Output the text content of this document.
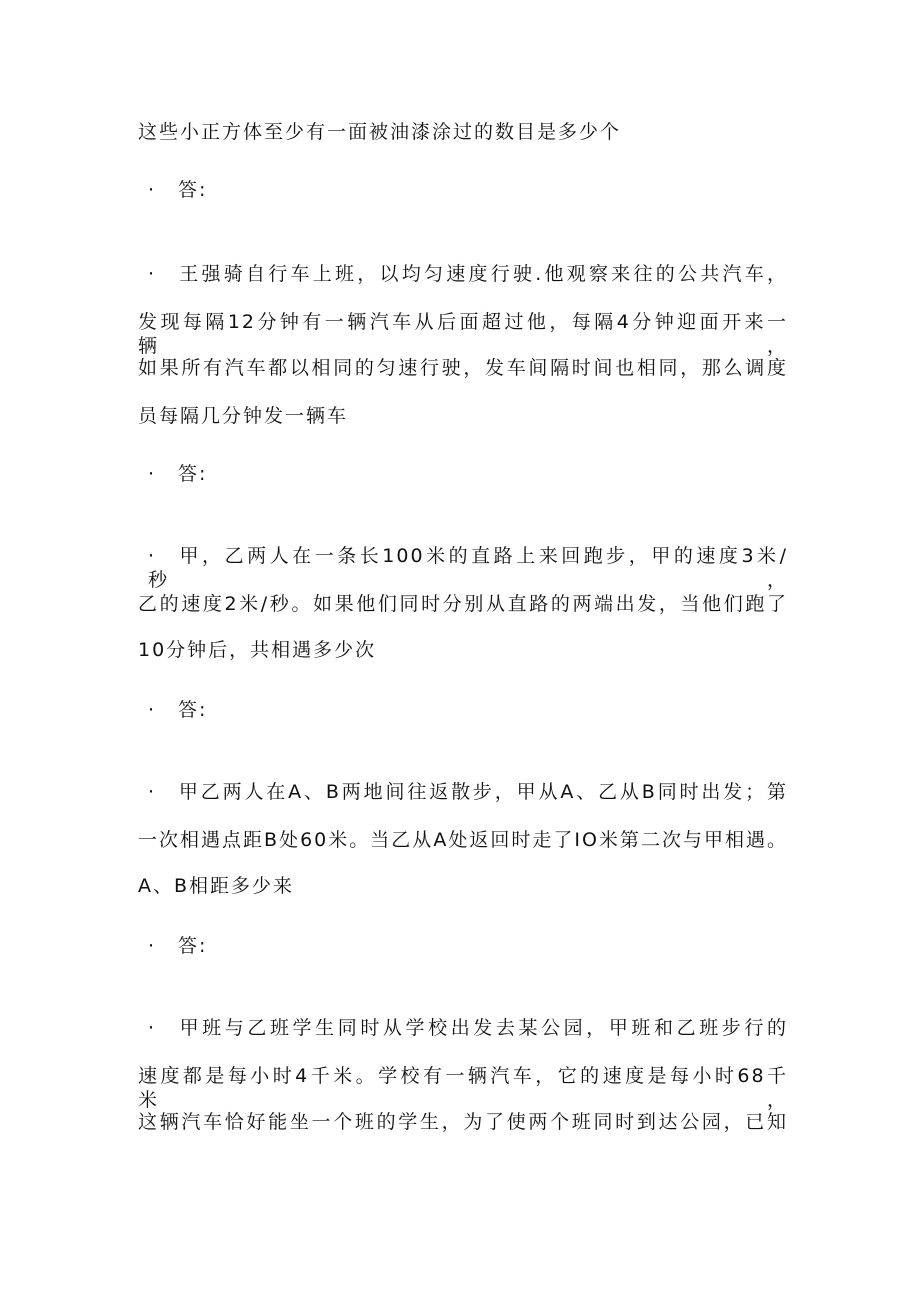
这些小正方体至少有一面被油漆涂过的数目是多少个
· 答:
· 王强骑自行车上班，以均匀速度行驶.他观察来往的公共汽车，
发现每隔12分钟有一辆汽车从后面超过他，每隔4分钟迎面开来一辆，
如果所有汽车都以相同的匀速行驶，发车间隔时间也相同，那么调度
员每隔几分钟发一辆车
· 答:
· 甲，乙两人在一条长100米的直路上来回跑步，甲的速度3米/秒，
乙的速度2米/秒。如果他们同时分别从直路的两端出发，当他们跑了
10分钟后，共相遇多少次
· 答:
· 甲乙两人在A、B两地间往返散步，甲从A、乙从B同时出发；第
一次相遇点距B处60米。当乙从A处返回时走了IO米第二次与甲相遇。
A、B相距多少来
· 答:
· 甲班与乙班学生同时从学校出发去某公园，甲班和乙班步行的
速度都是每小时4千米。学校有一辆汽车，它的速度是每小时68千米，
这辆汽车恰好能坐一个班的学生，为了使两个班同时到达公园，已知
